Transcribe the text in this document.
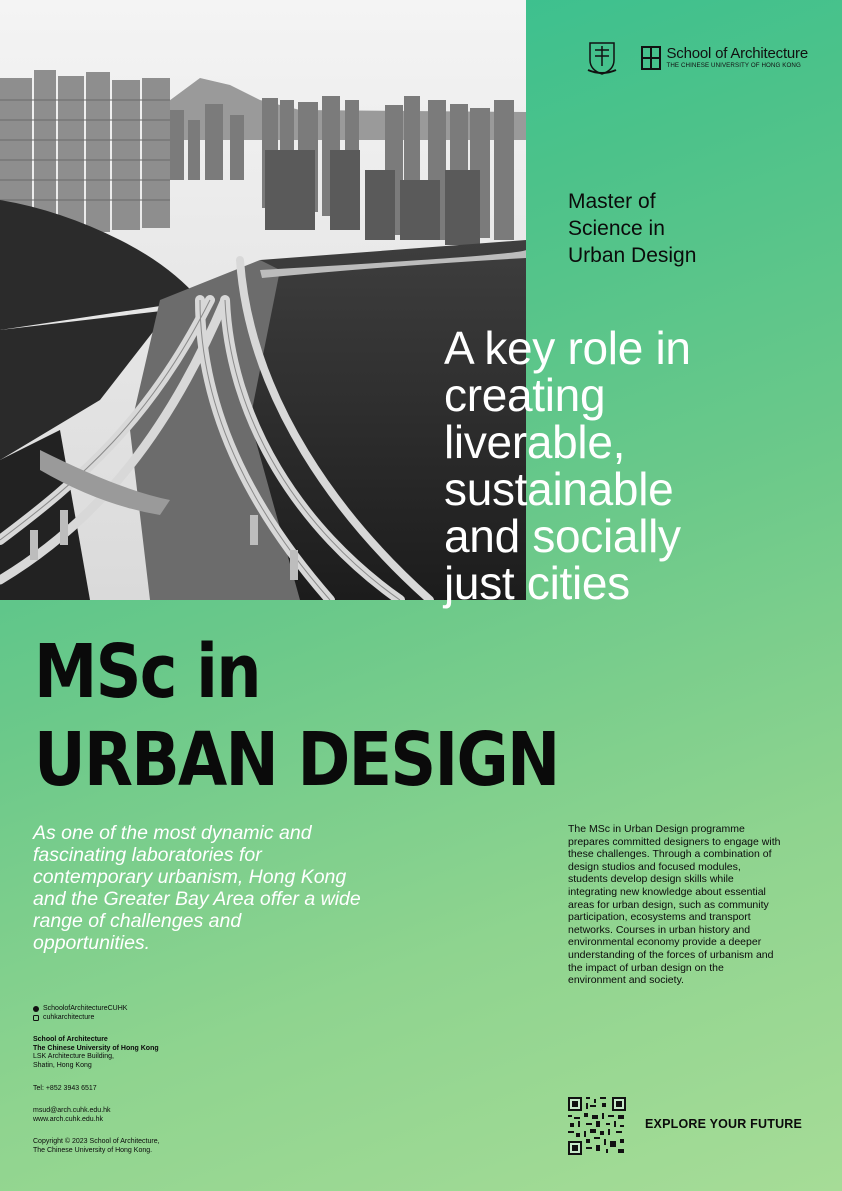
School of Architecture
THE CHINESE UNIVERSITY OF HONG KONG
Master of
Science in
Urban Design
A key role in
creating
liverable,
sustainable
and socially
just cities
MSc in
URBAN DESIGN
As one of the most dynamic and fascinating laboratories for contemporary urbanism, Hong Kong and the Greater Bay Area offer a wide range of challenges and opportunities.
The MSc in Urban Design programme prepares committed designers to engage with these challenges. Through a combination of design studios and focused modules, students develop design skills while integrating new knowledge about essential areas for urban design, such as community participation, ecosystems and transport networks. Courses in urban history and environmental economy provide a deeper understanding of the forces of urbanism and the impact of urban design on the environment and society.
SchoolofArchitectureCUHK
cuhkarchitecture
School of Architecture
The Chinese University of Hong Kong
LSK Architecture Building,
Shatin, Hong Kong
Tel: +852 3943 6517
msud@arch.cuhk.edu.hk
www.arch.cuhk.edu.hk
Copyright © 2023 School of Architecture,
The Chinese University of Hong Kong.
EXPLORE YOUR FUTURE
